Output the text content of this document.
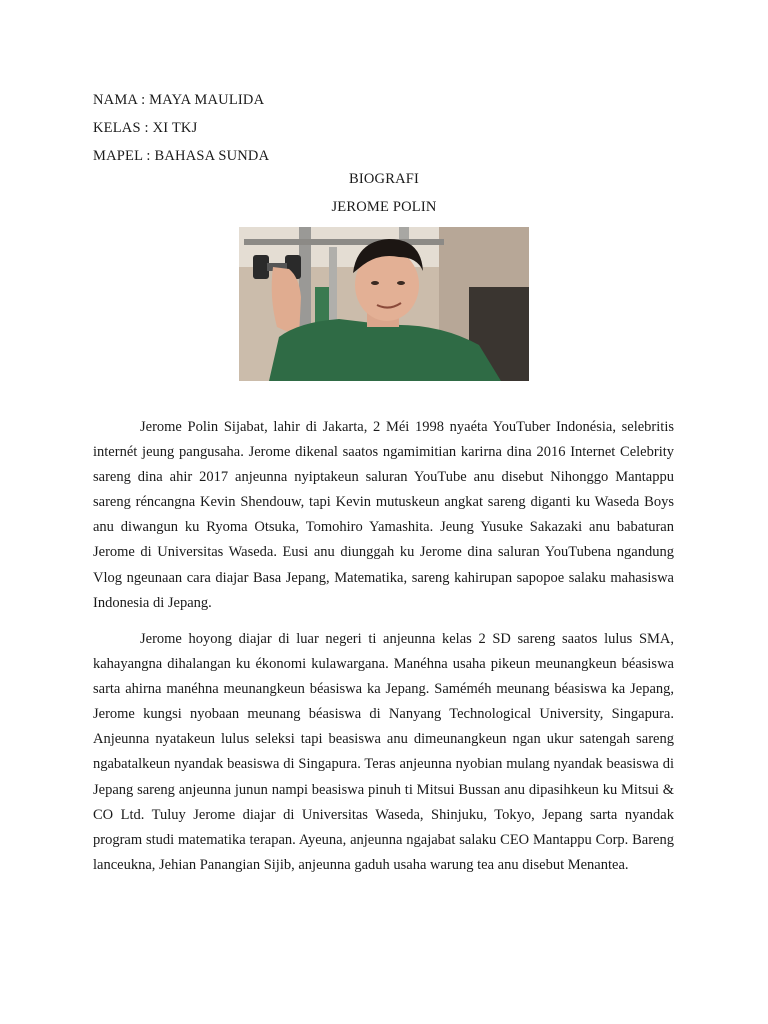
NAMA : MAYA MAULIDA
KELAS : XI TKJ
MAPEL : BAHASA SUNDA
BIOGRAFI
JEROME POLIN

Jerome Polin Sijabat, lahir di Jakarta, 2 Méi 1998 nyaéta YouTuber Indonésia, selebritis internét jeung pangusaha. Jerome dikenal saatos ngamimitian karirna dina 2016 Internet Celebrity sareng dina ahir 2017 anjeunna nyiptakeun saluran YouTube anu disebut Nihonggo Mantappu sareng réncangna Kevin Shendouw, tapi Kevin mutuskeun angkat sareng diganti ku Waseda Boys anu diwangun ku Ryoma Otsuka, Tomohiro Yamashita. Jeung Yusuke Sakazaki anu babaturan Jerome di Universitas Waseda. Eusi anu diunggah ku Jerome dina saluran YouTubena ngandung Vlog ngeunaan cara diajar Basa Jepang, Matematika, sareng kahirupan sapopoe salaku mahasiswa Indonesia di Jepang.

Jerome hoyong diajar di luar negeri ti anjeunna kelas 2 SD sareng saatos lulus SMA, kahayangna dihalangan ku ékonomi kulawargana. Manéhna usaha pikeun meunangkeun béasiswa sarta ahirna manéhna meunangkeun béasiswa ka Jepang. Saméméh meunang béasiswa ka Jepang, Jerome kungsi nyobaan meunang béasiswa di Nanyang Technological University, Singapura. Anjeunna nyatakeun lulus seleksi tapi beasiswa anu dimeunangkeun ngan ukur satengah sareng ngabatalkeun nyandak beasiswa di Singapura. Teras anjeunna nyobian mulang nyandak beasiswa di Jepang sareng anjeunna junun nampi beasiswa pinuh ti Mitsui Bussan anu dipasihkeun ku Mitsui & CO Ltd. Tuluy Jerome diajar di Universitas Waseda, Shinjuku, Tokyo, Jepang sarta nyandak program studi matematika terapan. Ayeuna, anjeunna ngajabat salaku CEO Mantappu Corp. Bareng lanceukna, Jehian Panangian Sijib, anjeunna gaduh usaha warung tea anu disebut Menantea.
